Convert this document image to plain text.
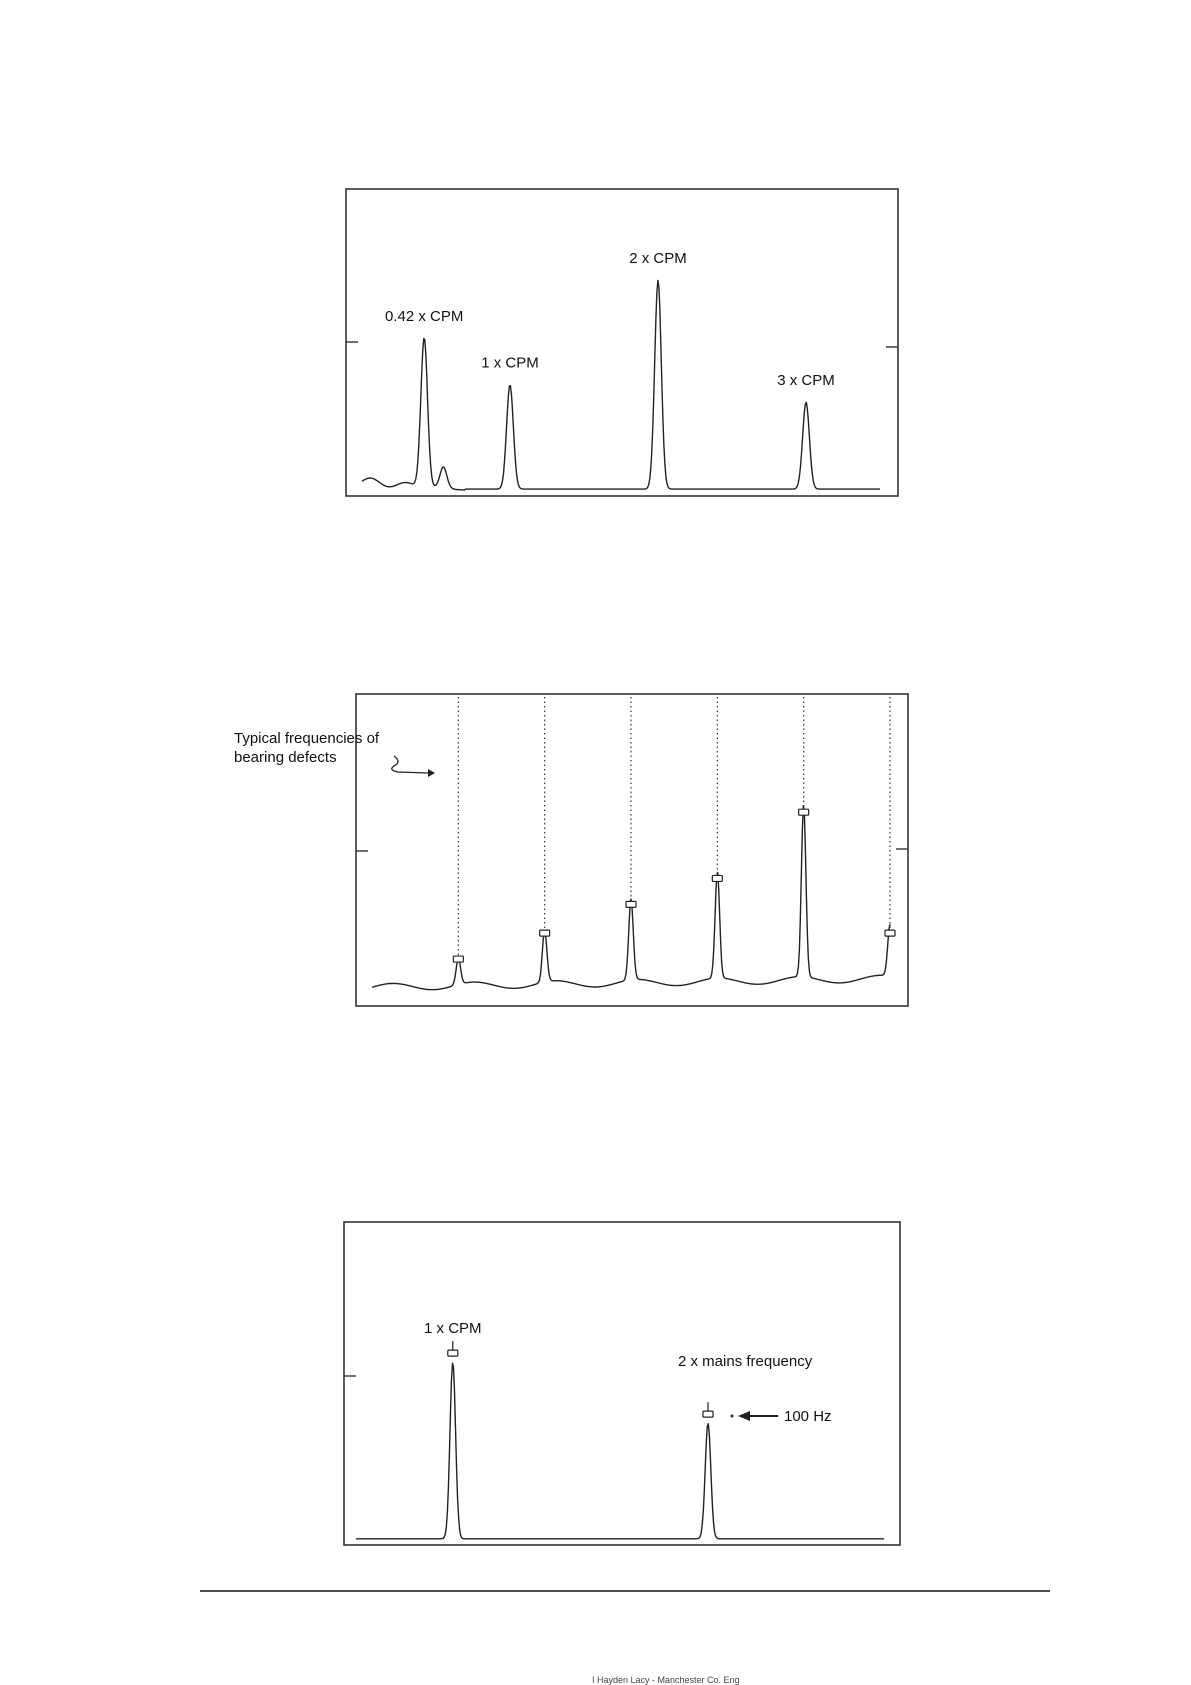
0.42 x CPM
1 x CPM
2 x CPM
3 x CPM
Typical frequencies of
bearing defects
1 x CPM
2 x mains frequency
100 Hz
I Hayden Lacy - Manchester Co. Eng
